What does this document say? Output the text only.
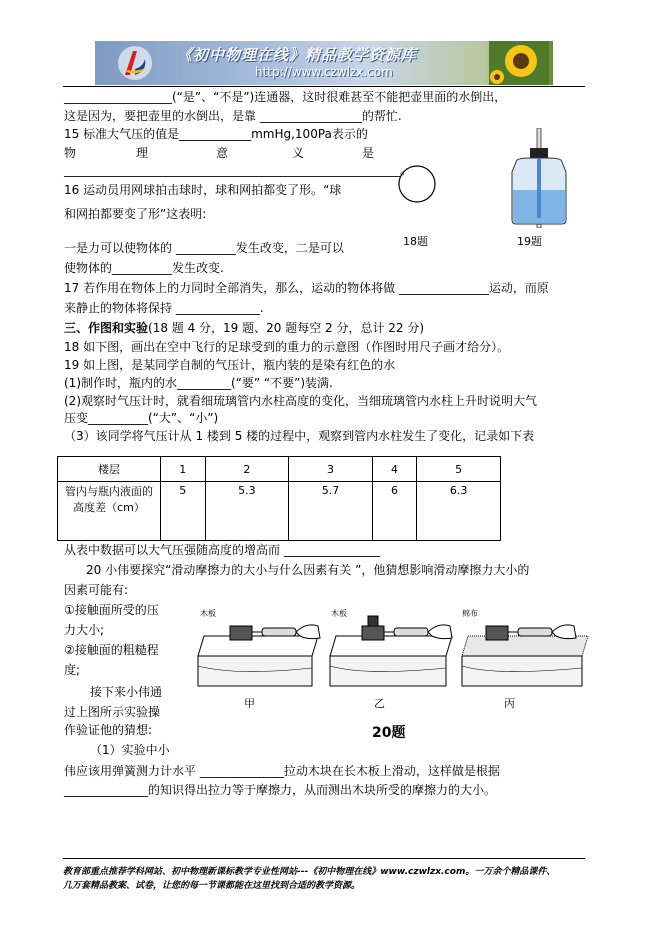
《初中物理在线》精品教学资源库
http://www.czwlzx.com
__________________(“是”、“不是”)连通器，这时很难甚至不能把壶里面的水倒出，
这是因为，要把壶里的水倒出，是靠 _________________的帮忙.
15 标准大气压的值是____________mmHg,100Pa表示的
物	理	意	义	是
________________________________________________________。
16 运动员用网球拍击球时，球和网拍都变了形。“球
和网拍都要变了形”这表明:
一是力可以使物体的 __________发生改变，二是可以
使物体的__________发生改变.
17 若作用在物体上的力同时全部消失，那么，运动的物体将做 _______________运动，而原
来静止的物体将保持 ______________.
三、作图和实验(18 题 4 分，19 题、20 题每空 2 分，总计 22 分)
18 如下图，画出在空中飞行的足球受到的重力的示意图（作图时用尺子画才给分）。
19 如上图，是某同学自制的气压计，瓶内装的是染有红色的水
(1)制作时，瓶内的水_________(“要” “不要”)装满.
(2)观察时气压计时，就看细琉璃管内水柱高度的变化，当细琉璃管内水柱上升时说明大气
压变__________(“大”、“小”)
（3）该同学将气压计从 1 楼到 5 楼的过程中，观察到管内水柱发生了变化，记录如下表
18题	19题
楼层	1	2	3	4	5
管内与瓶内液面的高度差（cm）	5	5.3	5.7	6	6.3
从表中数据可以大气压强随高度的增高而 ________________
20 小伟要探究“滑动摩擦力的大小与什么因素有关 ”，他猜想影响滑动摩擦力大小的
因素可能有:
①接触面所受的压
力大小;
②接触面的粗糙程
度;
接下来小伟通
过上图所示实验操
作验证他的猜想:
（1）实验中小
伟应该用弹簧测力计水平 ______________拉动木块在长木板上滑动，这样做是根据
______________的知识得出拉力等于摩擦力，从而测出木块所受的摩擦力的大小。
木板	木板	棉布
甲	乙	丙
20题
教育部重点推荐学科网站、初中物理新课标教学专业性网站---《初中物理在线》www.czwlzx.com。一万余个精品课件、
几万套精品教案、试卷，让您的每一节课都能在这里找到合适的教学资源。
